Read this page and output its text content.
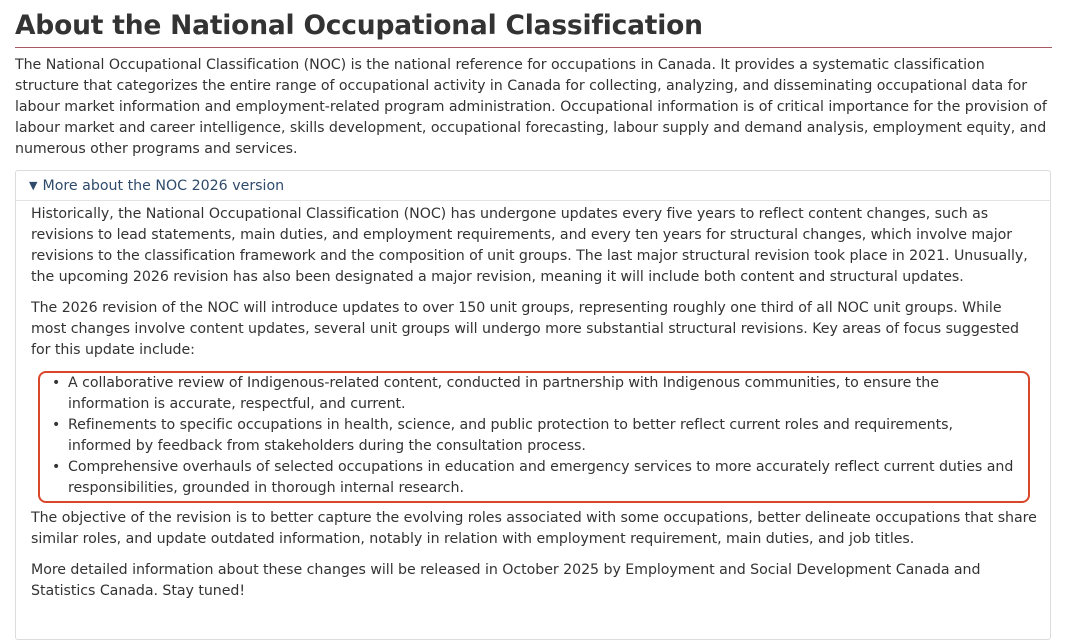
About the National Occupational Classification

The National Occupational Classification (NOC) is the national reference for occupations in Canada. It provides a systematic classification structure that categorizes the entire range of occupational activity in Canada for collecting, analyzing, and disseminating occupational data for labour market information and employment-related program administration. Occupational information is of critical importance for the provision of labour market and career intelligence, skills development, occupational forecasting, labour supply and demand analysis, employment equity, and numerous other programs and services.

▼ More about the NOC 2026 version

Historically, the National Occupational Classification (NOC) has undergone updates every five years to reflect content changes, such as revisions to lead statements, main duties, and employment requirements, and every ten years for structural changes, which involve major revisions to the classification framework and the composition of unit groups. The last major structural revision took place in 2021. Unusually, the upcoming 2026 revision has also been designated a major revision, meaning it will include both content and structural updates.

The 2026 revision of the NOC will introduce updates to over 150 unit groups, representing roughly one third of all NOC unit groups. While most changes involve content updates, several unit groups will undergo more substantial structural revisions. Key areas of focus suggested for this update include:

• A collaborative review of Indigenous-related content, conducted in partnership with Indigenous communities, to ensure the information is accurate, respectful, and current.
• Refinements to specific occupations in health, science, and public protection to better reflect current roles and requirements, informed by feedback from stakeholders during the consultation process.
• Comprehensive overhauls of selected occupations in education and emergency services to more accurately reflect current duties and responsibilities, grounded in thorough internal research.

The objective of the revision is to better capture the evolving roles associated with some occupations, better delineate occupations that share similar roles, and update outdated information, notably in relation with employment requirement, main duties, and job titles.

More detailed information about these changes will be released in October 2025 by Employment and Social Development Canada and Statistics Canada. Stay tuned!
